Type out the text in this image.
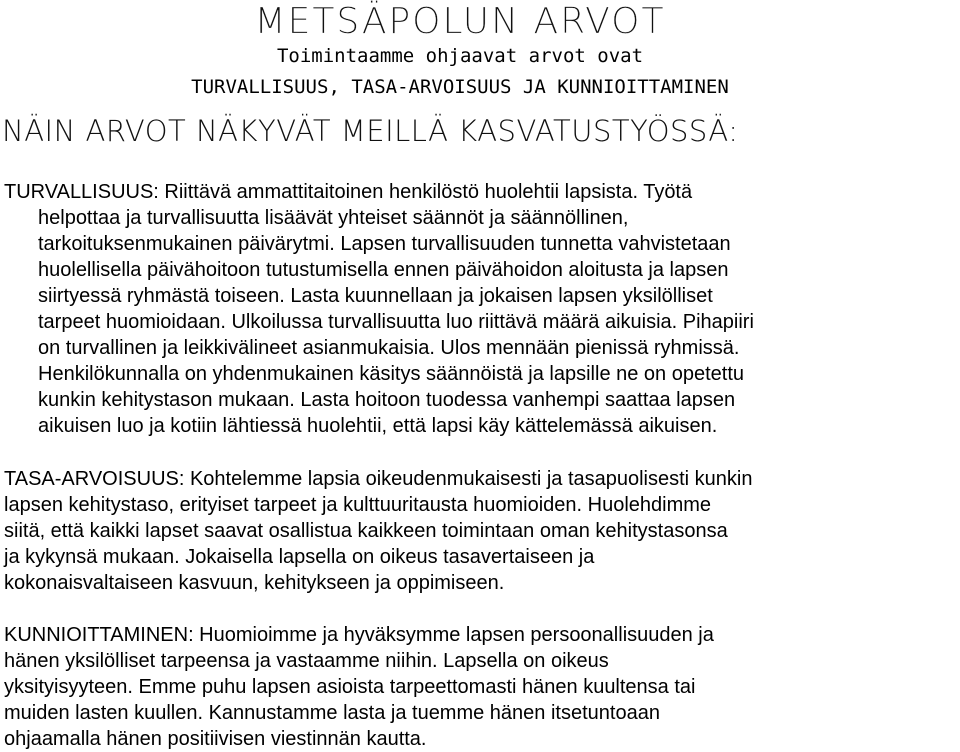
METSÄPOLUN ARVOT
Toimintaamme ohjaavat arvot ovat
TURVALLISUUS, TASA-ARVOISUUS JA KUNNIOITTAMINEN
NÄIN ARVOT NÄKYVÄT MEILLÄ KASVATUSTYÖSSÄ:
TURVALLISUUS: Riittävä ammattitaitoinen henkilöstö huolehtii lapsista. Työtä
helpottaa ja turvallisuutta lisäävät yhteiset säännöt ja säännöllinen,
tarkoituksenmukainen päivärytmi. Lapsen turvallisuuden tunnetta vahvistetaan
huolellisella päivähoitoon tutustumisella ennen päivähoidon aloitusta ja lapsen
siirtyessä ryhmästä toiseen. Lasta kuunnellaan ja jokaisen lapsen yksilölliset
tarpeet huomioidaan. Ulkoilussa turvallisuutta luo riittävä määrä aikuisia. Pihapiiri
on turvallinen ja leikkivälineet asianmukaisia. Ulos mennään pienissä ryhmissä.
Henkilökunnalla on yhdenmukainen käsitys säännöistä ja lapsille ne on opetettu
kunkin kehitystason mukaan. Lasta hoitoon tuodessa vanhempi saattaa lapsen
aikuisen luo ja kotiin lähtiessä huolehtii, että lapsi käy kättelemässä aikuisen.
TASA-ARVOISUUS: Kohtelemme lapsia oikeudenmukaisesti ja tasapuolisesti kunkin
lapsen kehitystaso, erityiset tarpeet ja kulttuuritausta huomioiden. Huolehdimme
siitä, että kaikki lapset saavat osallistua kaikkeen toimintaan oman kehitystasonsa
ja kykynsä mukaan. Jokaisella lapsella on oikeus tasavertaiseen ja
kokonaisvaltaiseen kasvuun, kehitykseen ja oppimiseen.
KUNNIOITTAMINEN: Huomioimme ja hyväksymme lapsen persoonallisuuden ja
hänen yksilölliset tarpeensa ja vastaamme niihin. Lapsella on oikeus
yksityisyyteen. Emme puhu lapsen asioista tarpeettomasti hänen kuultensa tai
muiden lasten kuullen. Kannustamme lasta ja tuemme hänen itsetuntoaan
ohjaamalla hänen positiivisen viestinnän kautta.
